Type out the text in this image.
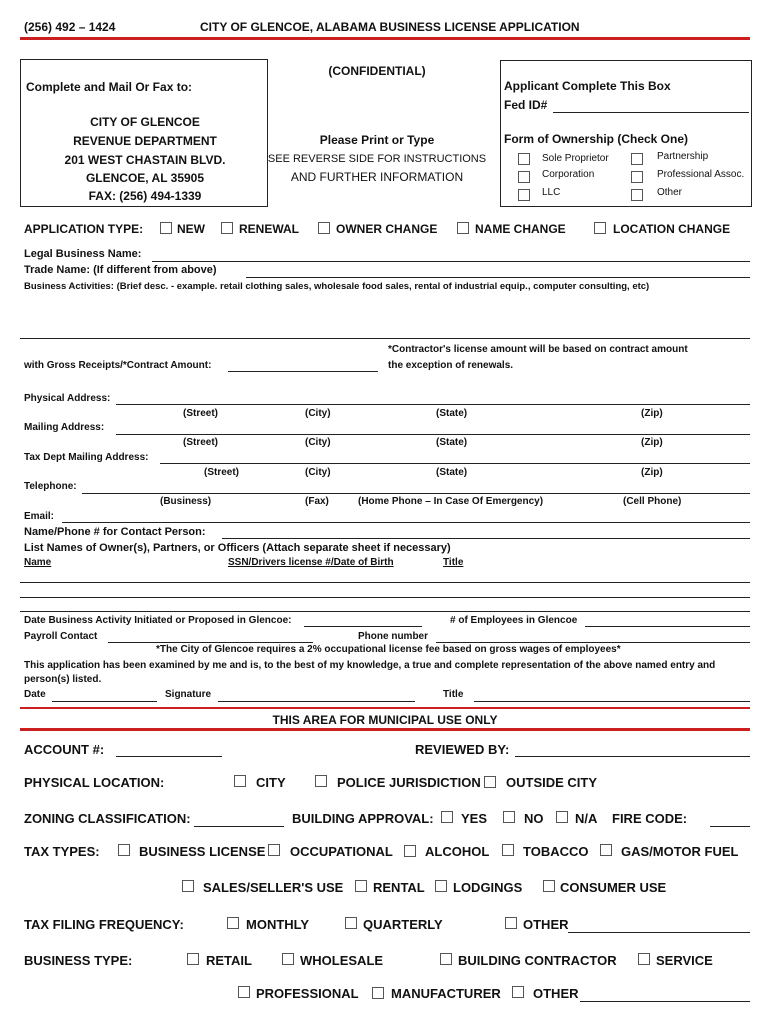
(256) 492 – 1424	CITY OF GLENCOE, ALABAMA BUSINESS LICENSE APPLICATION
Complete and Mail Or Fax to:
CITY OF GLENCOE
REVENUE DEPARTMENT
201 WEST CHASTAIN BLVD.
GLENCOE, AL 35905
FAX: (256) 494-1339
(CONFIDENTIAL)
Please Print or Type
SEE REVERSE SIDE FOR INSTRUCTIONS
AND FURTHER INFORMATION
Applicant Complete This Box
Fed ID#
Form of Ownership (Check One)
Sole Proprietor	Partnership
Corporation	Professional Assoc.
LLC	Other
APPLICATION TYPE:	NEW	RENEWAL	OWNER CHANGE	NAME CHANGE	LOCATION CHANGE
Legal Business Name:
Trade Name: (If different from above)
Business Activities: (Brief desc. - example. retail clothing sales, wholesale food sales, rental of industrial equip., computer consulting, etc)
*Contractor's license amount will be based on contract amount
with Gross Receipts/*Contract Amount:	the exception of renewals.
Physical Address:
(Street)	(City)	(State)	(Zip)
Mailing Address:
(Street)	(City)	(State)	(Zip)
Tax Dept Mailing Address:
(Street)	(City)	(State)	(Zip)
Telephone:
(Business)	(Fax)	(Home Phone – In Case Of Emergency)	(Cell Phone)
Email:
Name/Phone # for Contact Person:
List Names of Owner(s), Partners, or Officers (Attach separate sheet if necessary)
Name	SSN/Drivers license #/Date of Birth	Title
Date Business Activity Initiated or Proposed in Glencoe:	# of Employees in Glencoe
Payroll Contact	Phone number
*The City of Glencoe requires a 2% occupational license fee based on gross wages of employees*
This application has been examined by me and is, to the best of my knowledge, a true and complete representation of the above named entry and person(s) listed.
Date	Signature	Title
THIS AREA FOR MUNICIPAL USE ONLY
ACCOUNT #:	REVIEWED BY:
PHYSICAL LOCATION:	CITY	POLICE JURISDICTION OUTSIDE CITY
ZONING CLASSIFICATION:	BUILDING APPROVAL: YES	NO N/A FIRE CODE:
TAX TYPES:	BUSINESS LICENSE OCCUPATIONAL ALCOHOL	TOBACCO	GAS/MOTOR FUEL
SALES/SELLER'S USE RENTAL LODGINGS	CONSUMER USE
TAX FILING FREQUENCY:	MONTHLY	QUARTERLY	OTHER
BUSINESS TYPE:	RETAIL	WHOLESALE	BUILDING CONTRACTOR	SERVICE
PROFESSIONAL MANUFACTURER OTHER
